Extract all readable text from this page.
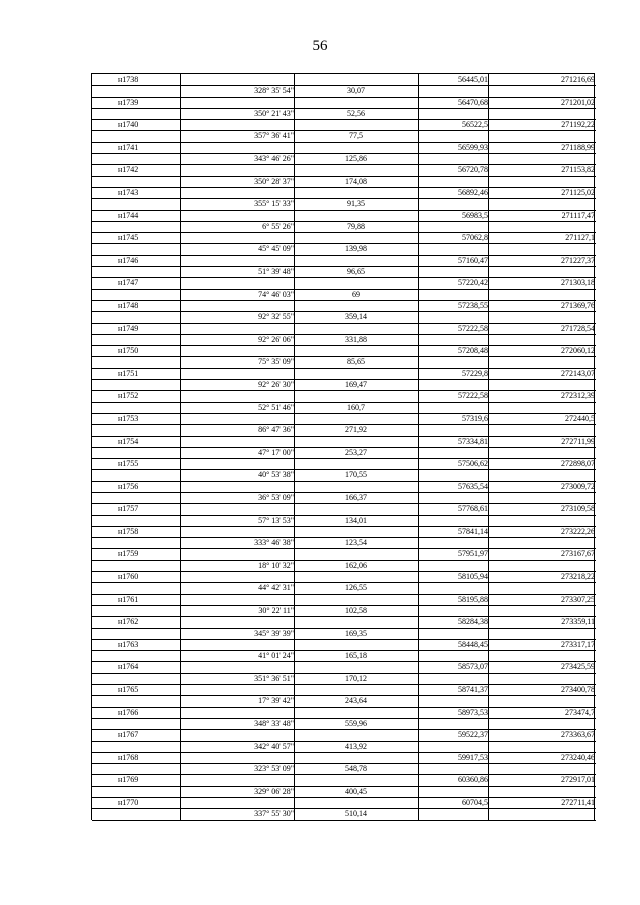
56
н1738	56445,01	271216,69
328° 35' 54"	30,07
н1739	56470,68	271201,02
350° 21' 43"	52,56
н1740	56522,5	271192,22
357° 36' 41"	77,5
н1741	56599,93	271188,99
343° 46' 26"	125,86
н1742	56720,78	271153,82
350° 28' 37"	174,08
н1743	56892,46	271125,02
355° 15' 33"	91,35
н1744	56983,5	271117,47
6° 55' 26"	79,88
н1745	57062,8	271127,1
45° 45' 09"	139,98
н1746	57160,47	271227,37
51° 39' 48"	96,65
н1747	57220,42	271303,18
74° 46' 03"	69
н1748	57238,55	271369,76
92° 32' 55"	359,14
н1749	57222,58	271728,54
92° 26' 06"	331,88
н1750	57208,48	272060,12
75° 35' 09"	85,65
н1751	57229,8	272143,07
92° 26' 30"	169,47
н1752	57222,58	272312,39
52° 51' 46"	160,7
н1753	57319,6	272440,5
86° 47' 36"	271,92
н1754	57334,81	272711,99
47° 17' 00"	253,27
н1755	57506,62	272898,07
40° 53' 38"	170,55
н1756	57635,54	273009,72
36° 53' 09"	166,37
н1757	57768,61	273109,58
57° 13' 53"	134,01
н1758	57841,14	273222,26
333° 46' 38"	123,54
н1759	57951,97	273167,67
18° 10' 32"	162,06
н1760	58105,94	273218,22
44° 42' 31"	126,55
н1761	58195,88	273307,25
30° 22' 11"	102,58
н1762	58284,38	273359,11
345° 39' 39"	169,35
н1763	58448,45	273317,17
41° 01' 24"	165,18
н1764	58573,07	273425,59
351° 36' 51"	170,12
н1765	58741,37	273400,78
17° 39' 42"	243,64
н1766	58973,53	273474,7
348° 33' 48"	559,96
н1767	59522,37	273363,67
342° 40' 57"	413,92
н1768	59917,53	273240,46
323° 53' 09"	548,78
н1769	60360,86	272917,01
329° 06' 28"	400,45
н1770	60704,5	272711,41
337° 55' 30"	510,14
